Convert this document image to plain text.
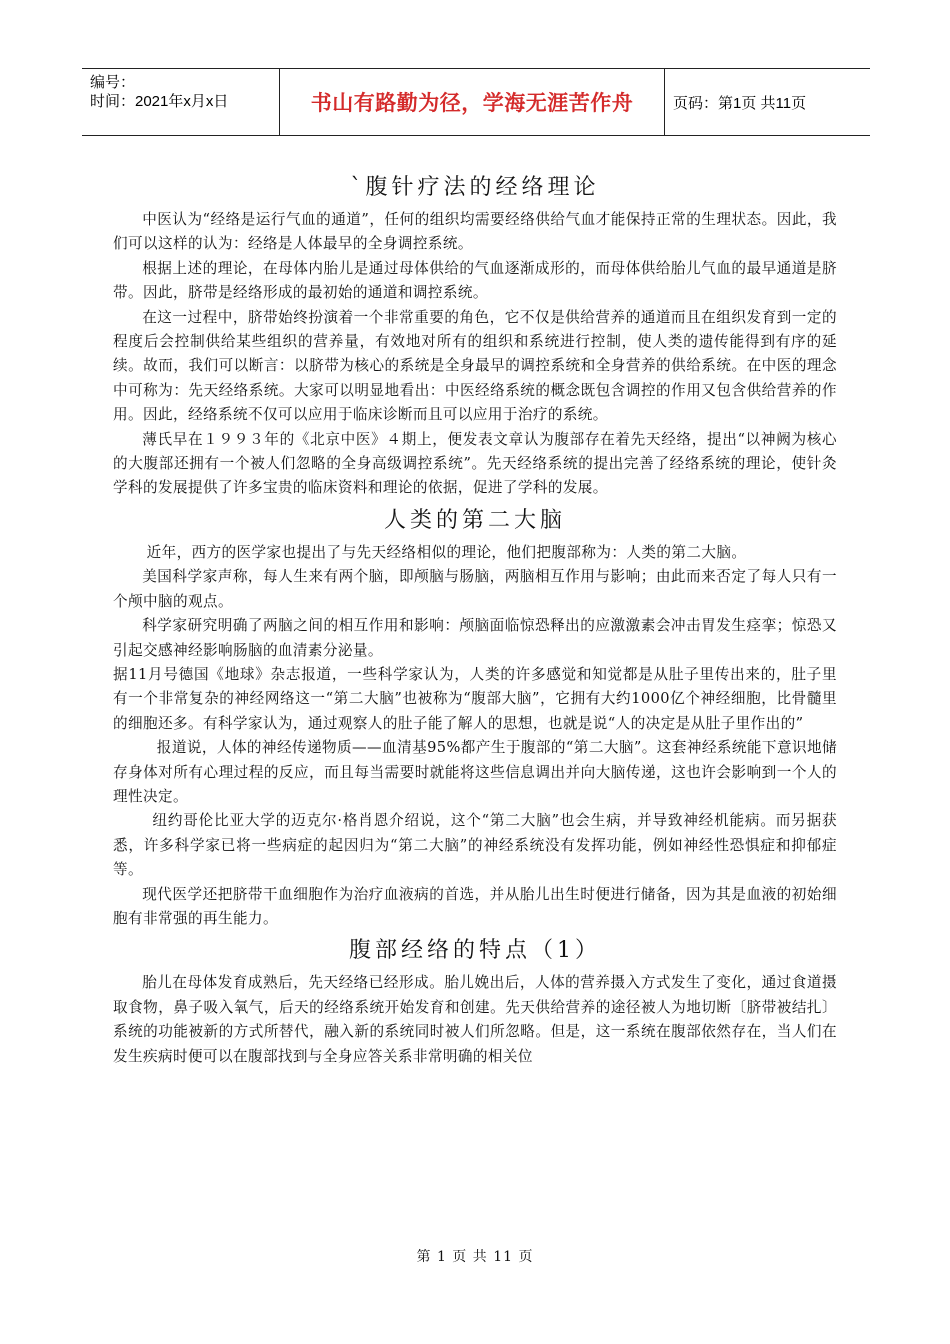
编号：
时间：2021年x月x日	书山有路勤为径，学海无涯苦作舟	页码：第1页 共11页
`腹针疗法的经络理论

中医认为“经络是运行气血的通道”，任何的组织均需要经络供给气血才能保持正常的生理状态。因此，我们可以这样的认为：经络是人体最早的全身调控系统。

根据上述的理论，在母体内胎儿是通过母体供给的气血逐渐成形的，而母体供给胎儿气血的最早通道是脐带。因此，脐带是经络形成的最初始的通道和调控系统。

在这一过程中，脐带始终扮演着一个非常重要的角色，它不仅是供给营养的通道而且在组织发育到一定的程度后会控制供给某些组织的营养量，有效地对所有的组织和系统进行控制，使人类的遗传能得到有序的延续。故而，我们可以断言：以脐带为核心的系统是全身最早的调控系统和全身营养的供给系统。在中医的理念中可称为：先天经络系统。大家可以明显地看出：中医经络系统的概念既包含调控的作用又包含供给营养的作用。因此，经络系统不仅可以应用于临床诊断而且可以应用于治疗的系统。

薄氏早在１９９３年的《北京中医》４期上，便发表文章认为腹部存在着先天经络，提出“以神阙为核心的大腹部还拥有一个被人们忽略的全身高级调控系统”。先天经络系统的提出完善了经络系统的理论，使针灸学科的发展提供了许多宝贵的临床资料和理论的依据，促进了学科的发展。

人类的第二大脑

近年，西方的医学家也提出了与先天经络相似的理论，他们把腹部称为：人类的第二大脑。

美国科学家声称，每人生来有两个脑，即颅脑与肠脑，两脑相互作用与影响；由此而来否定了每人只有一个颅中脑的观点。

科学家研究明确了两脑之间的相互作用和影响：颅脑面临惊恐释出的应激激素会冲击胃发生痉挛；惊恐又引起交感神经影响肠脑的血清素分泌量。

据11月号德国《地球》杂志报道，一些科学家认为，人类的许多感觉和知觉都是从肚子里传出来的，肚子里有一个非常复杂的神经网络这一“第二大脑”也被称为“腹部大脑”，它拥有大约1000亿个神经细胞，比骨髓里的细胞还多。有科学家认为，通过观察人的肚子能了解人的思想，也就是说“人的决定是从肚子里作出的”

报道说，人体的神经传递物质——血清基95%都产生于腹部的“第二大脑”。这套神经系统能下意识地储存身体对所有心理过程的反应，而且每当需要时就能将这些信息调出并向大脑传递，这也许会影响到一个人的理性决定。

纽约哥伦比亚大学的迈克尔·格肖恩介绍说，这个“第二大脑”也会生病，并导致神经机能病。而另据获悉，许多科学家已将一些病症的起因归为“第二大脑”的神经系统没有发挥功能，例如神经性恐惧症和抑郁症等。

现代医学还把脐带干血细胞作为治疗血液病的首选，并从胎儿出生时便进行储备，因为其是血液的初始细胞有非常强的再生能力。

腹部经络的特点（1）

胎儿在母体发育成熟后，先天经络已经形成。胎儿娩出后，人体的营养摄入方式发生了变化，通过食道摄取食物，鼻子吸入氧气，后天的经络系统开始发育和创建。先天供给营养的途径被人为地切断〔脐带被结扎〕系统的功能被新的方式所替代，融入新的系统同时被人们所忽略。但是，这一系统在腹部依然存在，当人们在发生疾病时便可以在腹部找到与全身应答关系非常明确的相关位

第 1 页 共 11 页
